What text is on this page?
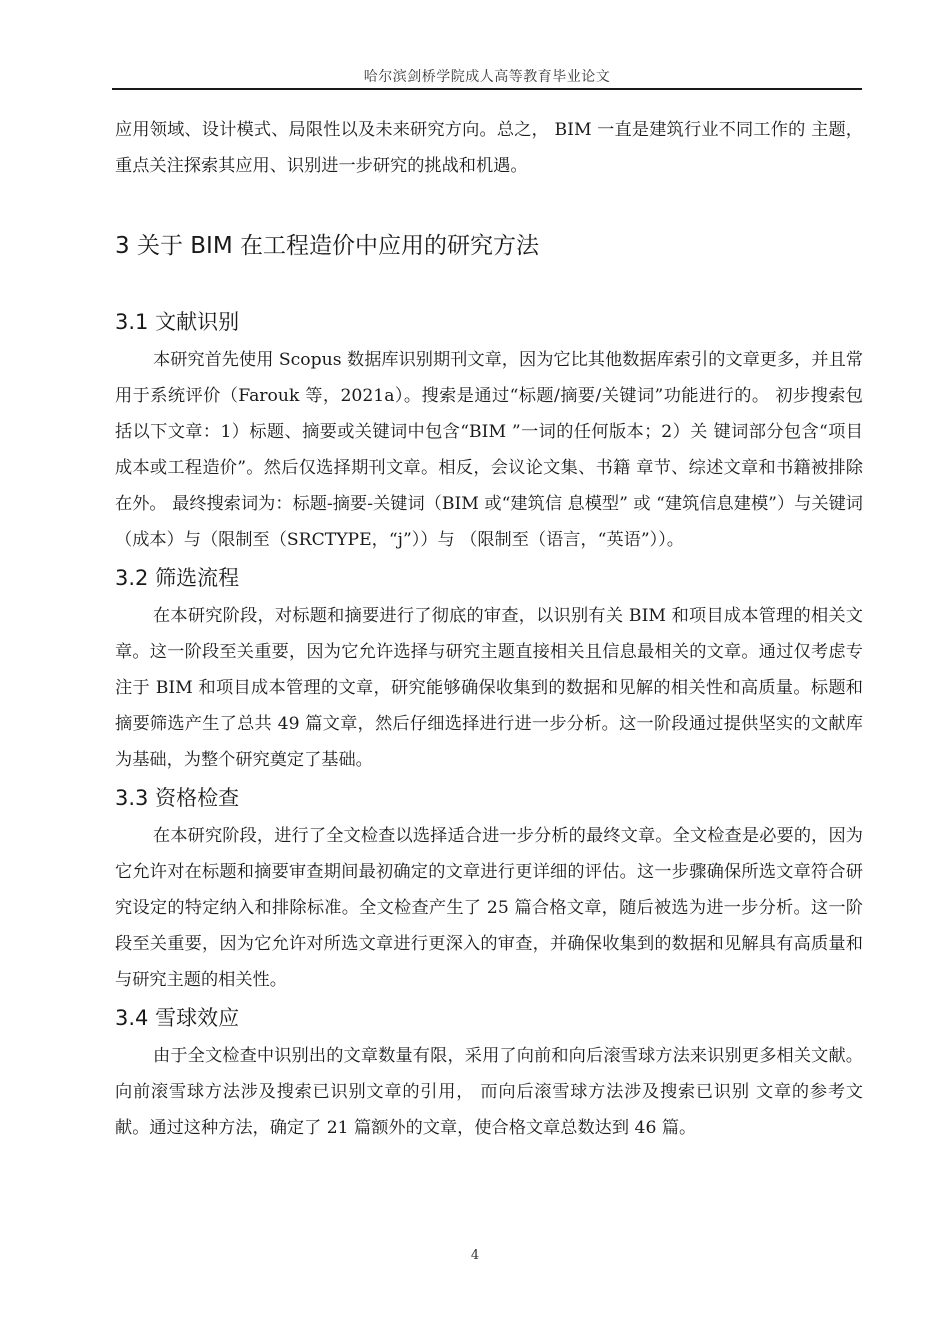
哈尔滨剑桥学院成人高等教育毕业论文

应用领域、设计模式、局限性以及未来研究方向。总之， BIM 一直是建筑行业不同工作的 主题，重点关注探索其应用、识别进一步研究的挑战和机遇。

3 关于 BIM 在工程造价中应用的研究方法
3.1 文献识别

本研究首先使用 Scopus 数据库识别期刊文章，因为它比其他数据库索引的文章更多，并且常用于系统评价（Farouk 等，2021a）。搜索是通过“标题/摘要/关键词”功能进行的。 初步搜索包括以下文章：1）标题、摘要或关键词中包含“BIM ”一词的任何版本；2）关 键词部分包含“项目成本或工程造价”。然后仅选择期刊文章。相反，会议论文集、书籍 章节、综述文章和书籍被排除在外。 最终搜索词为：标题-摘要-关键词（BIM 或“建筑信 息模型” 或 “建筑信息建模”）与关键词（成本）与（限制至（SRCTYPE，“j”））与 （限制至（语言，“英语”））。

3.2 筛选流程

在本研究阶段，对标题和摘要进行了彻底的审查，以识别有关 BIM 和项目成本管理的相关文章。这一阶段至关重要，因为它允许选择与研究主题直接相关且信息最相关的文章。通过仅考虑专注于 BIM 和项目成本管理的文章，研究能够确保收集到的数据和见解的相关性和高质量。标题和摘要筛选产生了总共 49 篇文章，然后仔细选择进行进一步分析。这一阶段通过提供坚实的文献库为基础，为整个研究奠定了基础。

3.3 资格检查

在本研究阶段，进行了全文检查以选择适合进一步分析的最终文章。全文检查是必要的，因为它允许对在标题和摘要审查期间最初确定的文章进行更详细的评估。这一步骤确保所选文章符合研究设定的特定纳入和排除标准。全文检查产生了 25 篇合格文章，随后被选为进一步分析。这一阶段至关重要，因为它允许对所选文章进行更深入的审查，并确保收集到的数据和见解具有高质量和与研究主题的相关性。

3.4 雪球效应

由于全文检查中识别出的文章数量有限，采用了向前和向后滚雪球方法来识别更多相关文献。向前滚雪球方法涉及搜索已识别文章的引用， 而向后滚雪球方法涉及搜索已识别 文章的参考文献。通过这种方法，确定了 21 篇额外的文章，使合格文章总数达到 46 篇。

4
